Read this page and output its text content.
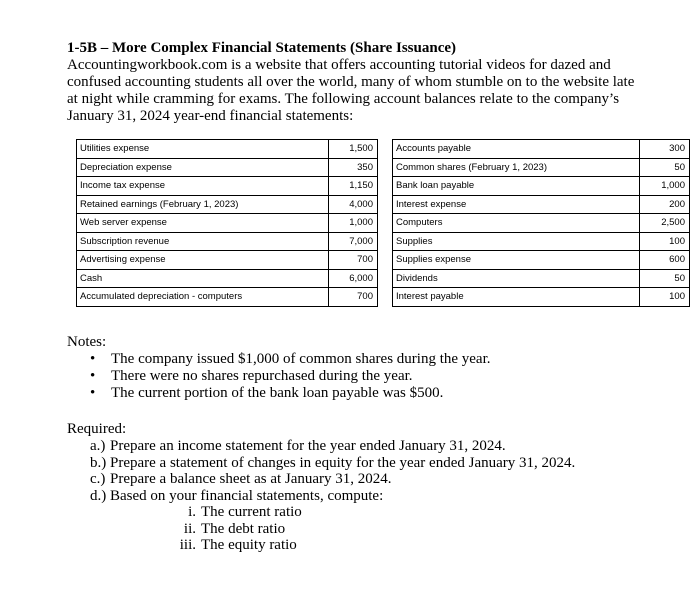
1-5B – More Complex Financial Statements (Share Issuance)
Accountingworkbook.com is a website that offers accounting tutorial videos for dazed and confused accounting students all over the world, many of whom stumble on to the website late at night while cramming for exams. The following account balances relate to the company’s January 31, 2024 year-end financial statements:
Utilities expense	1,500
Depreciation expense	350
Income tax expense	1,150
Retained earnings (February 1, 2023)	4,000
Web server expense	1,000
Subscription revenue	7,000
Advertising expense	700
Cash	6,000
Accumulated depreciation - computers	700
Accounts payable	300
Common shares (February 1, 2023)	50
Bank loan payable	1,000
Interest expense	200
Computers	2,500
Supplies	100
Supplies expense	600
Dividends	50
Interest payable	100
Notes:
• The company issued $1,000 of common shares during the year.
• There were no shares repurchased during the year.
• The current portion of the bank loan payable was $500.
Required:
a.) Prepare an income statement for the year ended January 31, 2024.
b.) Prepare a statement of changes in equity for the year ended January 31, 2024.
c.) Prepare a balance sheet as at January 31, 2024.
d.) Based on your financial statements, compute:
i. The current ratio
ii. The debt ratio
iii. The equity ratio
